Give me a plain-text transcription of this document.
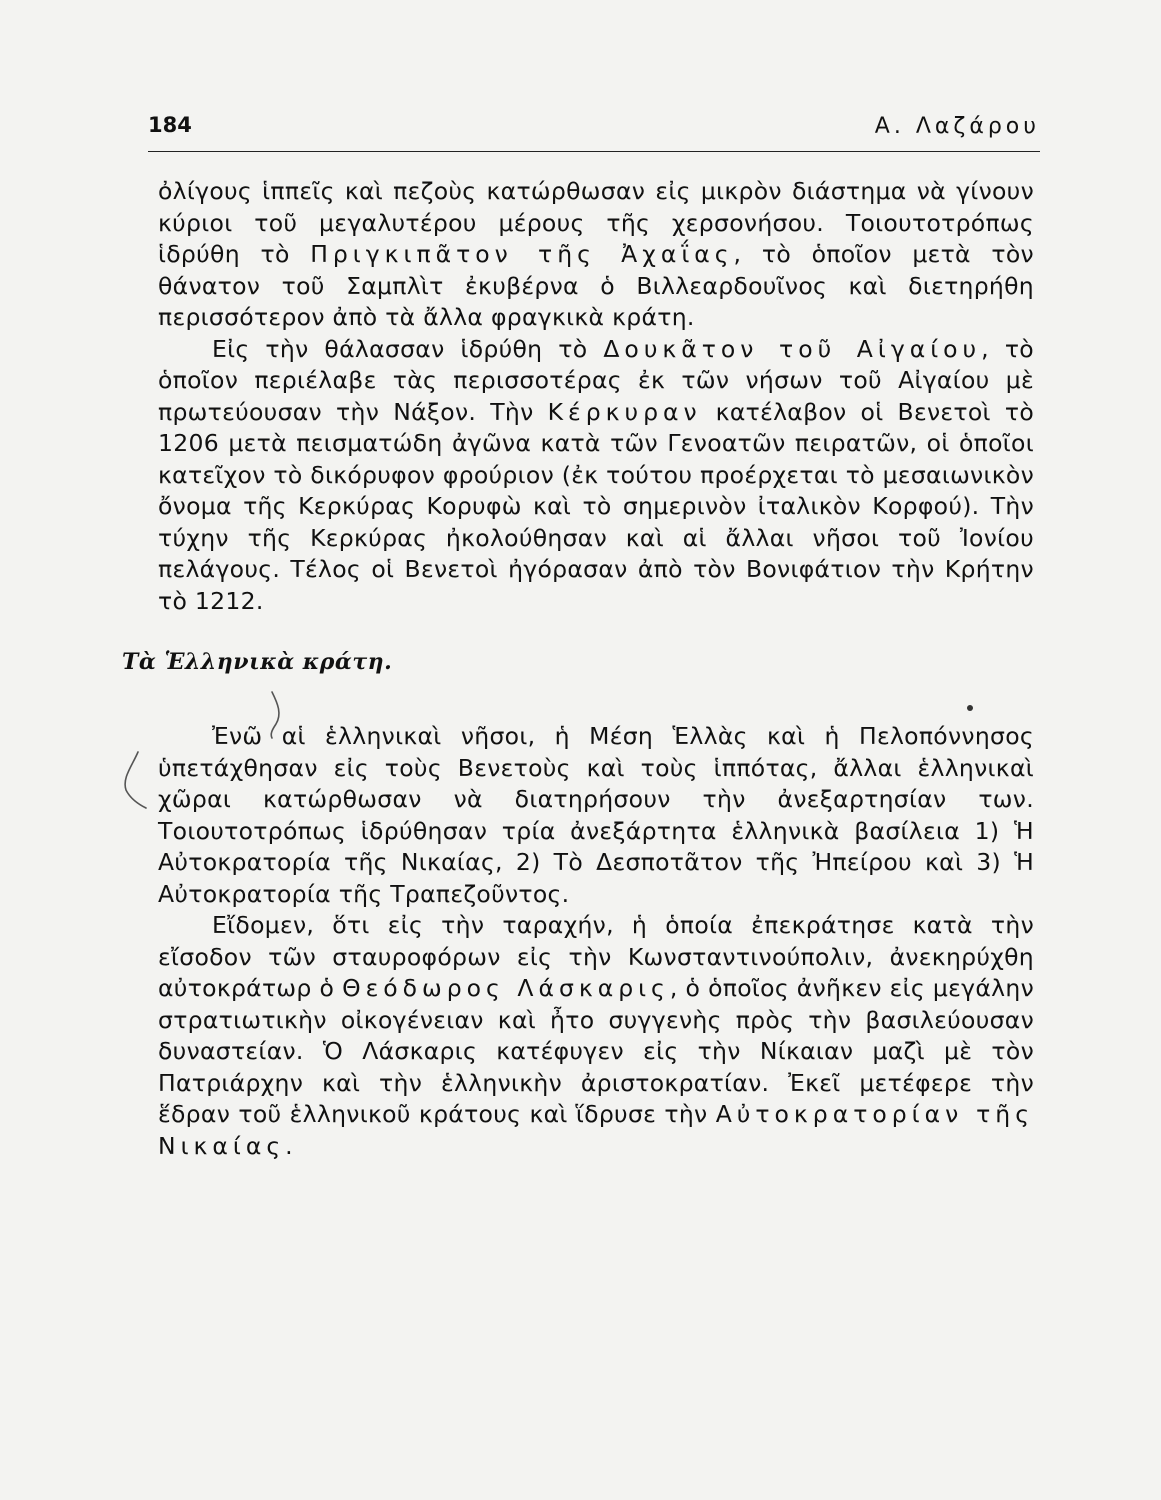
184	Α. Λαζάρου

ὀλίγους ἱππεῖς καὶ πεζοὺς κατώρθωσαν εἰς μικρὸν διάστημα νὰ γίνουν κύριοι τοῦ μεγαλυτέρου μέρους τῆς χερσονήσου. Τοιουτοτρόπως ἱδρύθη τὸ Πριγκιπᾶτον τῆς Ἀχαΐας, τὸ ὁποῖον μετὰ τὸν θάνατον τοῦ Σαμπλὶτ ἐκυβέρνα ὁ Βιλλεαρδουῖνος καὶ διετηρήθη περισσότερον ἀπὸ τὰ ἄλλα φραγκικὰ κράτη.

Εἰς τὴν θάλασσαν ἱδρύθη τὸ Δουκᾶτον τοῦ Αἰγαίου, τὸ ὁποῖον περιέλαβε τὰς περισσοτέρας ἐκ τῶν νήσων τοῦ Αἰγαίου μὲ πρωτεύουσαν τὴν Νάξον. Τὴν Κέρκυραν κατέλαβον οἱ Βενετοὶ τὸ 1206 μετὰ πεισματώδη ἀγῶνα κατὰ τῶν Γενοατῶν πειρατῶν, οἱ ὁποῖοι κατεῖχον τὸ δικόρυφον φρούριον (ἐκ τούτου προέρχεται τὸ μεσαιωνικὸν ὄνομα τῆς Κερκύρας Κορυφὼ καὶ τὸ σημερινὸν ἰταλικὸν Κορφού). Τὴν τύχην τῆς Κερκύρας ἠκολούθησαν καὶ αἱ ἄλλαι νῆσοι τοῦ Ἰονίου πελάγους. Τέλος οἱ Βενετοὶ ἠγόρασαν ἀπὸ τὸν Βονιφάτιον τὴν Κρήτην τὸ 1212.

Τὰ Ἑλληνικὰ κράτη.

Ἐνῶ αἱ ἑλληνικαὶ νῆσοι, ἡ Μέση Ἑλλὰς καὶ ἡ Πελοπόννησος ὑπετάχθησαν εἰς τοὺς Βενετοὺς καὶ τοὺς ἱππότας, ἄλλαι ἑλληνικαὶ χῶραι κατώρθωσαν νὰ διατηρήσουν τὴν ἀνεξαρτησίαν των. Τοιουτοτρόπως ἱδρύθησαν τρία ἀνεξάρτητα ἑλληνικὰ βασίλεια 1) Ἡ Αὐτοκρατορία τῆς Νικαίας, 2) Τὸ Δεσποτᾶτον τῆς Ἠπείρου καὶ 3) Ἡ Αὐτοκρατορία τῆς Τραπεζοῦντος.

Εἴδομεν, ὅτι εἰς τὴν ταραχήν, ἡ ὁποία ἐπεκράτησε κατὰ τὴν εἴσοδον τῶν σταυροφόρων εἰς τὴν Κωνσταντινούπολιν, ἀνεκηρύχθη αὐτοκράτωρ ὁ Θεόδωρος Λάσκαρις, ὁ ὁποῖος ἀνῆκεν εἰς μεγάλην στρατιωτικὴν οἰκογένειαν καὶ ἦτο συγγενὴς πρὸς τὴν βασιλεύουσαν δυναστείαν. Ὁ Λάσκαρις κατέφυγεν εἰς τὴν Νίκαιαν μαζὶ μὲ τὸν Πατριάρχην καὶ τὴν ἑλληνικὴν ἀριστοκρατίαν. Ἐκεῖ μετέφερε τὴν ἕδραν τοῦ ἑλληνικοῦ κράτους καὶ ἵδρυσε τὴν Αὐτοκρατορίαν τῆς Νικαίας.
